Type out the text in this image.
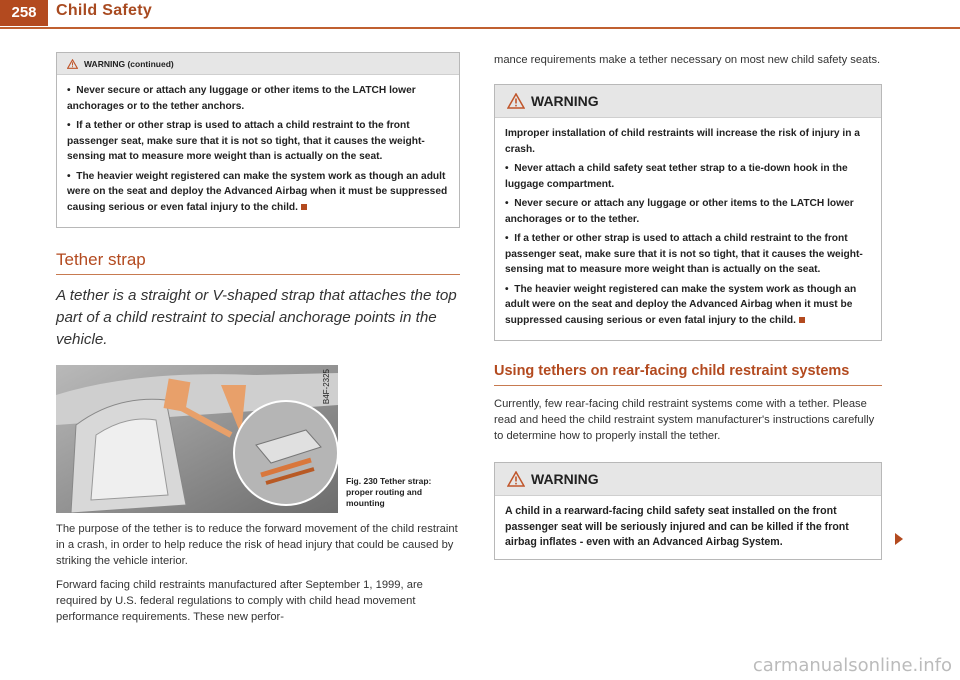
258	Child Safety
WARNING (continued)

•  Never secure or attach any luggage or other items to the LATCH lower anchorages or to the tether anchors.

•  If a tether or other strap is used to attach a child restraint to the front passenger seat, make sure that it is not so tight, that it causes the weight-sensing mat to measure more weight than is actually on the seat.

•  The heavier weight registered can make the system work as though an adult were on the seat and deploy the Advanced Airbag when it must be suppressed causing serious or even fatal injury to the child.

Tether strap

A tether is a straight or V-shaped strap that attaches the top part of a child restraint to special anchorage points in the vehicle.

B4F-2325
Fig. 230 Tether strap: proper routing and mounting

The purpose of the tether is to reduce the forward movement of the child restraint in a crash, in order to help reduce the risk of head injury that could be caused by striking the vehicle interior.

Forward facing child restraints manufactured after September 1, 1999, are required by U.S. federal regulations to comply with child head movement performance requirements. These new perfor-

mance requirements make a tether necessary on most new child safety seats.

WARNING

Improper installation of child restraints will increase the risk of injury in a crash.

•  Never attach a child safety seat tether strap to a tie-down hook in the luggage compartment.

•  Never secure or attach any luggage or other items to the LATCH lower anchorages or to the tether.

•  If a tether or other strap is used to attach a child restraint to the front passenger seat, make sure that it is not so tight, that it causes the weight-sensing mat to measure more weight than is actually on the seat.

•  The heavier weight registered can make the system work as though an adult were on the seat and deploy the Advanced Airbag when it must be suppressed causing serious or even fatal injury to the child.

Using tethers on rear-facing child restraint systems

Currently, few rear-facing child restraint systems come with a tether. Please read and heed the child restraint system manufacturer's instructions carefully to determine how to properly install the tether.

WARNING
A child in a rearward-facing child safety seat installed on the front passenger seat will be seriously injured and can be killed if the front airbag inflates - even with an Advanced Airbag System.
carmanualsonline.info
